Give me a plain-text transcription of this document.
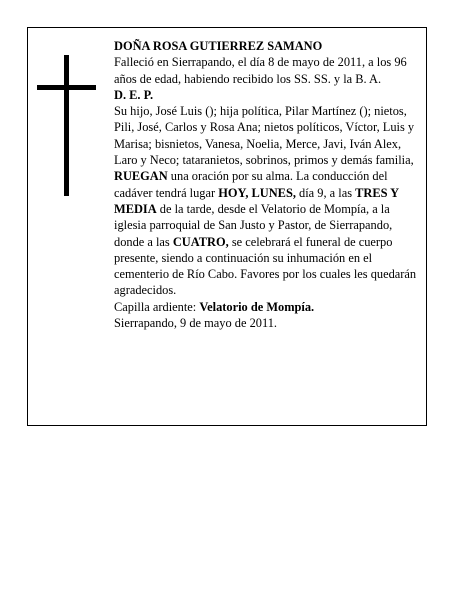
DOÑA ROSA GUTIERREZ SAMANO

Falleció en Sierrapando, el día 8 de mayo de 2011, a los 96 años de edad, habiendo recibido los SS. SS. y la B. A.

D. E. P.

Su hijo, José Luis (); hija política, Pilar Martínez (); nietos, Pili, José, Carlos y Rosa Ana; nietos políticos, Víctor, Luis y Marisa; bisnietos, Vanesa, Noelia, Merce, Javi, Iván Alex, Laro y Neco; tataranietos, sobrinos, primos y demás familia,

RUEGAN una oración por su alma. La conducción del cadáver tendrá lugar HOY, LUNES, día 9, a las TRES Y MEDIA de la tarde, desde el Velatorio de Mompía, a la iglesia parroquial de San Justo y Pastor, de Sierrapando, donde a las CUATRO, se celebrará el funeral de cuerpo presente, siendo a continuación su inhumación en el cementerio de Río Cabo. Favores por los cuales les quedarán agradecidos.

Capilla ardiente: Velatorio de Mompía.

Sierrapando, 9 de mayo de 2011.
